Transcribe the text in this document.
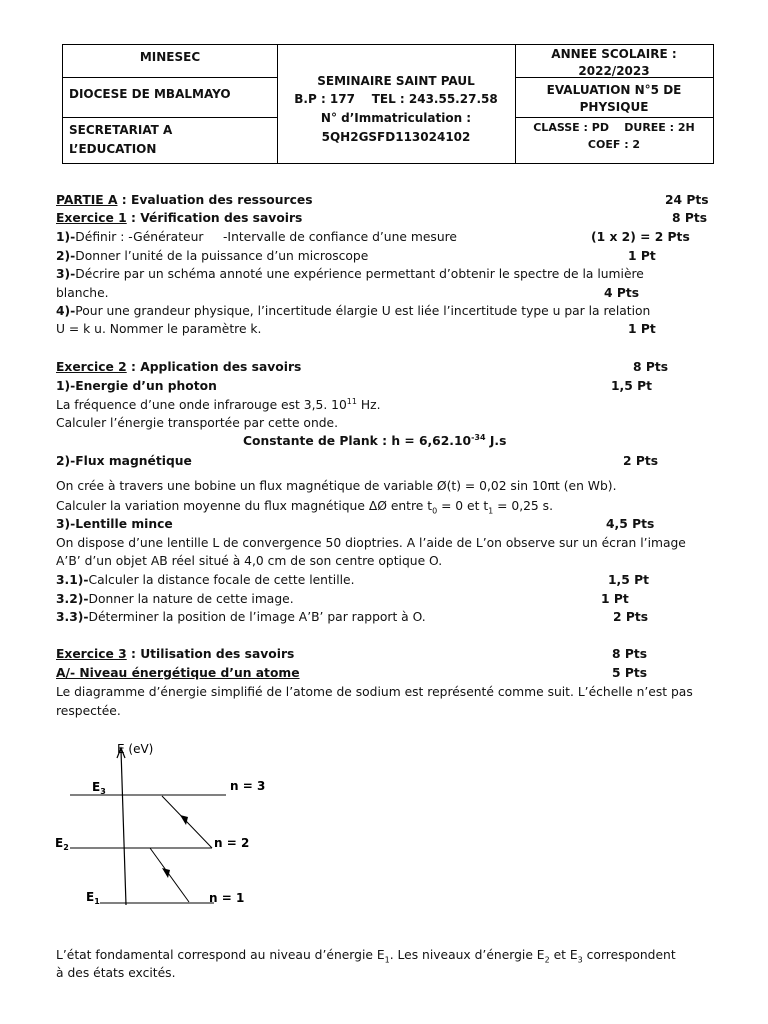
MINESEC
DIOCESE DE MBALMAYO
SECRETARIAT A
L’EDUCATION
SEMINAIRE SAINT PAUL
B.P : 177    TEL : 243.55.27.58
N° d’Immatriculation :
5QH2GSFD113024102
ANNEE SCOLAIRE :
2022/2023
EVALUATION N°5 DE
PHYSIQUE
CLASSE : PD    DUREE : 2H
COEF : 2
PARTIE A : Evaluation des ressources	24 Pts
Exercice 1 : Vérification des savoirs	8 Pts
1)-Définir : -Générateur     -Intervalle de confiance d’une mesure	(1 x 2) = 2 Pts
2)-Donner l’unité de la puissance d’un microscope	1 Pt
3)-Décrire par un schéma annoté une expérience permettant d’obtenir le spectre de la lumière
blanche.	4 Pts
4)-Pour une grandeur physique, l’incertitude élargie U est liée l’incertitude type u par la relation
U = k u. Nommer le paramètre k.	1 Pt
Exercice 2 : Application des savoirs	8 Pts
1)-Energie d’un photon	1,5 Pt
La fréquence d’une onde infrarouge est 3,5. $10^{11}$ Hz.
Calculer l’énergie transportée par cette onde.
Constante de Plank : $h = 6,62.10^{-34}$ J.s
2)-Flux magnétique	2 Pts
On crée à travers une bobine un flux magnétique de variable Ø(t) = 0,02 sin 10πt (en Wb).
Calculer la variation moyenne du flux magnétique ΔØ entre $t_0 = 0$ et $t_1 = 0,25$ s.
3)-Lentille mince	4,5 Pts
On dispose d’une lentille L de convergence 50 dioptries. A l’aide de L’on observe sur un écran l’image
A’B’ d’un objet AB réel situé à 4,0 cm de son centre optique O.
3.1)-Calculer la distance focale de cette lentille.	1,5 Pt
3.2)-Donner la nature de cette image.	1 Pt
3.3)-Déterminer la position de l’image A’B’ par rapport à O.	2 Pts
Exercice 3 : Utilisation des savoirs	8 Pts
A/- Niveau énergétique d’un atome	5 Pts
Le diagramme d’énergie simplifié de l’atome de sodium est représenté comme suit. L’échelle n’est pas
respectée.
E (eV)
$E_3$
$E_2$
$E_1$
n = 3
n = 2
n = 1
L’état fondamental correspond au niveau d’énergie $E_1$. Les niveaux d’énergie $E_2$ et $E_3$ correspondent
à des états excités.
